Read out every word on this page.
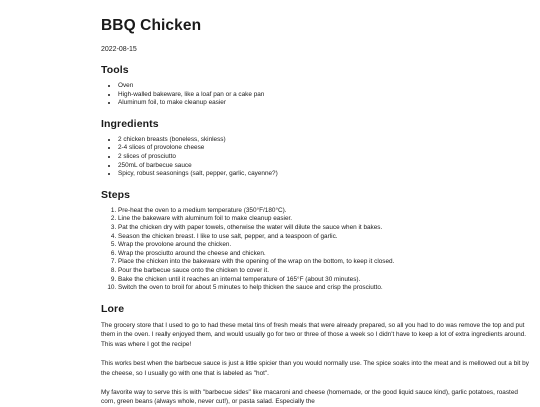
BBQ Chicken
2022-08-15
Tools
• Oven
• High-walled bakeware, like a loaf pan or a cake pan
• Aluminum foil, to make cleanup easier
Ingredients
• 2 chicken breasts (boneless, skinless)
• 2-4 slices of provolone cheese
• 2 slices of prosciutto
• 250mL of barbecue sauce
• Spicy, robust seasonings (salt, pepper, garlic, cayenne?)
Steps
1. Pre-heat the oven to a medium temperature (350°F/180°C).
2. Line the bakeware with aluminum foil to make cleanup easier.
3. Pat the chicken dry with paper towels, otherwise the water will dilute the sauce when it bakes.
4. Season the chicken breast. I like to use salt, pepper, and a teaspoon of garlic.
5. Wrap the provolone around the chicken.
6. Wrap the prosciutto around the cheese and chicken.
7. Place the chicken into the bakeware with the opening of the wrap on the bottom, to keep it closed.
8. Pour the barbecue sauce onto the chicken to cover it.
9. Bake the chicken until it reaches an internal temperature of 165°F (about 30 minutes).
10. Switch the oven to broil for about 5 minutes to help thicken the sauce and crisp the prosciutto.
Lore

The grocery store that I used to go to had these metal tins of fresh meals that were already prepared, so all you had to do was remove the top and put them in the oven. I really enjoyed them, and would usually go for two or three of those a week so I didn't have to keep a lot of extra ingredients around. This was where I got the recipe!

This works best when the barbecue sauce is just a little spicier than you would normally use. The spice soaks into the meat and is mellowed out a bit by the cheese, so I usually go with one that is labeled as "hot".

My favorite way to serve this is with "barbecue sides" like macaroni and cheese (homemade, or the good liquid sauce kind), garlic potatoes, roasted corn, green beans (always whole, never cut!), or pasta salad. Especially the
